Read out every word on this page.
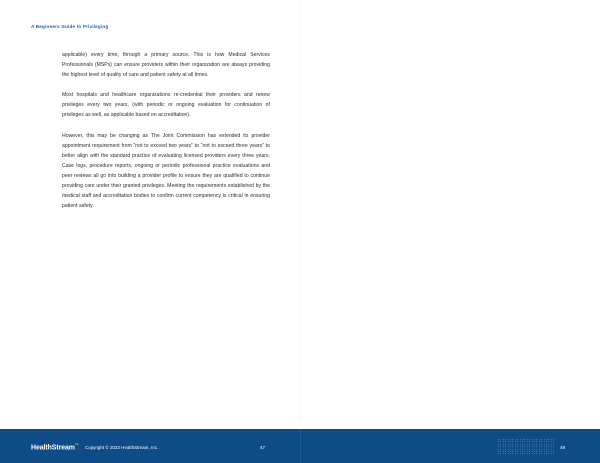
A Beginners Guide to Privileging

applicable) every time, through a primary source. This is how Medical Services Professionals (MSPs) can ensure providers within their organization are always providing the highest level of quality of care and patient safety at all times.

Most hospitals and healthcare organizations re-credential their providers and renew privileges every two years, (with periodic or ongoing evaluation for continuation of privileges as well, as applicable based on accreditation).

However, this may be changing as The Joint Commission has extended its provider appointment requirement from “not to exceed two years” to “not to exceed three years” to better align with the standard practice of evaluating licensed providers every three years. Case logs, procedure reports, ongoing or periodic professional practice evaluations and peer reviews all go into building a provider profile to ensure they are qualified to continue providing care under their granted privileges. Meeting the requirements established by the medical staff and accreditation bodies to confirm current competency is critical in ensuring patient safety.

HealthStream™
Copyright © 2023 HealthStream, Inc.	47	48
